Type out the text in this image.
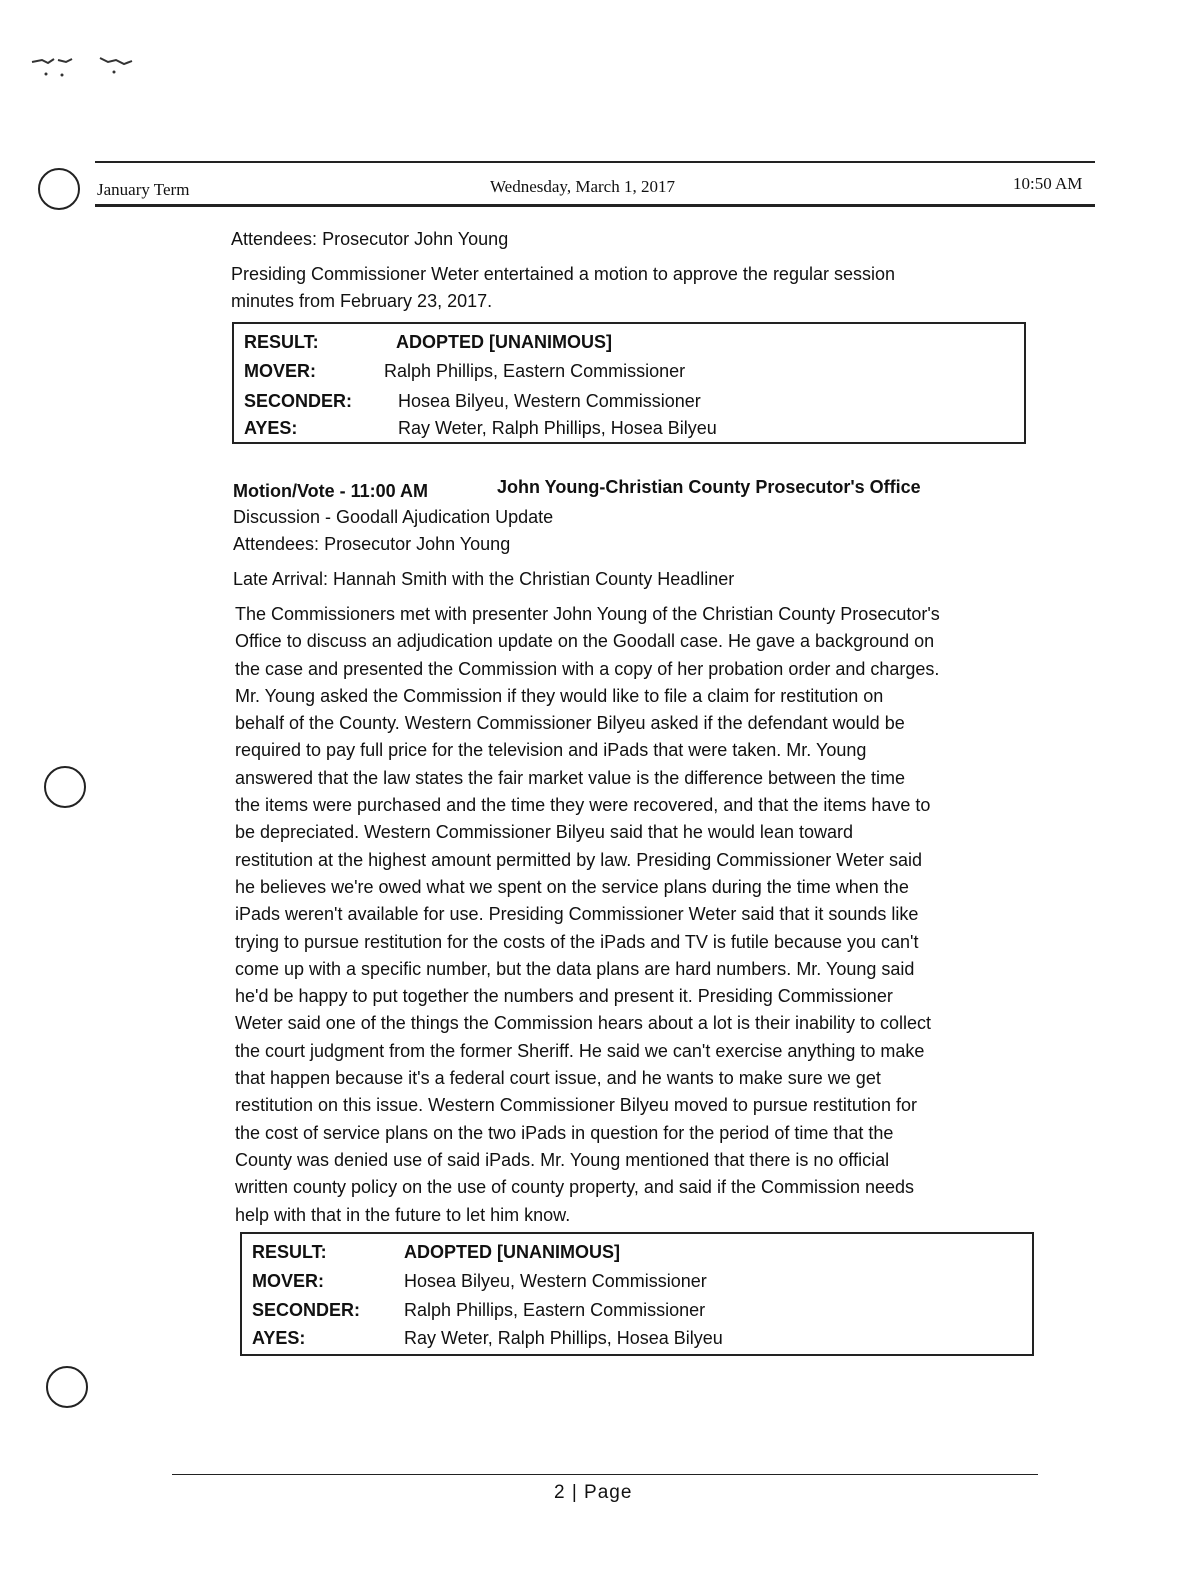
January Term	Wednesday, March 1, 2017	10:50 AM
Attendees: Prosecutor John Young
Presiding Commissioner Weter entertained a motion to approve the regular session
minutes from February 23, 2017.
RESULT:	ADOPTED [UNANIMOUS]
MOVER:	Ralph Phillips, Eastern Commissioner
SECONDER:	Hosea Bilyeu, Western Commissioner
AYES:	Ray Weter, Ralph Phillips, Hosea Bilyeu
Motion/Vote - 11:00 AM	John Young-Christian County Prosecutor's Office
Discussion - Goodall Ajudication Update
Attendees: Prosecutor John Young
Late Arrival: Hannah Smith with the Christian County Headliner
The Commissioners met with presenter John Young of the Christian County Prosecutor's
Office to discuss an adjudication update on the Goodall case. He gave a background on
the case and presented the Commission with a copy of her probation order and charges.
Mr. Young asked the Commission if they would like to file a claim for restitution on
behalf of the County. Western Commissioner Bilyeu asked if the defendant would be
required to pay full price for the television and iPads that were taken. Mr. Young
answered that the law states the fair market value is the difference between the time
the items were purchased and the time they were recovered, and that the items have to
be depreciated. Western Commissioner Bilyeu said that he would lean toward
restitution at the highest amount permitted by law. Presiding Commissioner Weter said
he believes we're owed what we spent on the service plans during the time when the
iPads weren't available for use. Presiding Commissioner Weter said that it sounds like
trying to pursue restitution for the costs of the iPads and TV is futile because you can't
come up with a specific number, but the data plans are hard numbers. Mr. Young said
he'd be happy to put together the numbers and present it. Presiding Commissioner
Weter said one of the things the Commission hears about a lot is their inability to collect
the court judgment from the former Sheriff. He said we can't exercise anything to make
that happen because it's a federal court issue, and he wants to make sure we get
restitution on this issue. Western Commissioner Bilyeu moved to pursue restitution for
the cost of service plans on the two iPads in question for the period of time that the
County was denied use of said iPads. Mr. Young mentioned that there is no official
written county policy on the use of county property, and said if the Commission needs
help with that in the future to let him know.
RESULT:	ADOPTED [UNANIMOUS]
MOVER:	Hosea Bilyeu, Western Commissioner
SECONDER: Ralph Phillips, Eastern Commissioner
AYES:	Ray Weter, Ralph Phillips, Hosea Bilyeu
2 | Page
